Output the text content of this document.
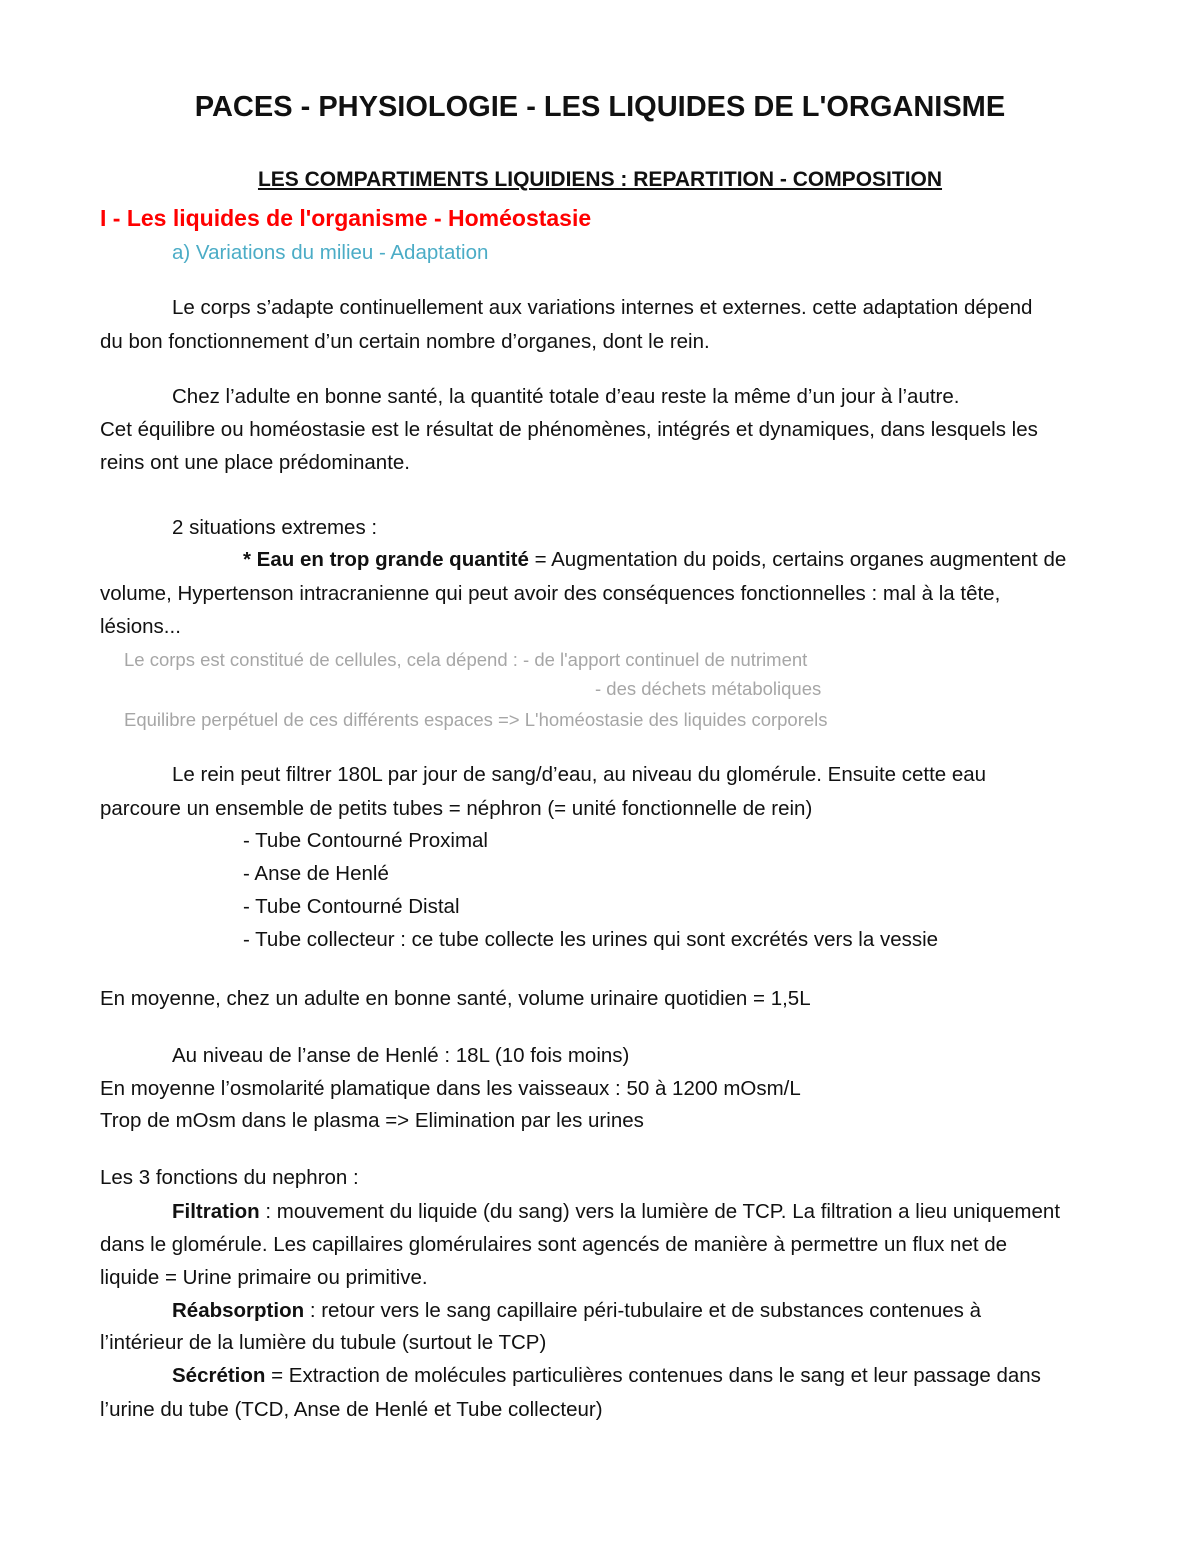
PACES - PHYSIOLOGIE - LES LIQUIDES DE L'ORGANISME
LES COMPARTIMENTS LIQUIDIENS : REPARTITION - COMPOSITION
I - Les liquides de l'organisme - Homéostasie
a) Variations du milieu - Adaptation
Le corps s’adapte continuellement aux variations internes et externes. cette adaptation dépend
du bon fonctionnement d’un certain nombre d’organes, dont le rein.
Chez l’adulte en bonne santé, la quantité totale d’eau reste la même d’un jour à l’autre.
Cet équilibre ou homéostasie est le résultat de phénomènes, intégrés et dynamiques, dans lesquels les
reins ont une place prédominante.
2 situations extremes :
* Eau en trop grande quantité = Augmentation du poids, certains organes augmentent de
volume, Hypertenson intracranienne qui peut avoir des conséquences fonctionnelles : mal à la tête,
lésions...
Le corps est constitué de cellules, cela dépend : - de l'apport continuel de nutriment
- des déchets métaboliques
Equilibre perpétuel de ces différents espaces => L'homéostasie des liquides corporels
Le rein peut filtrer 180L par jour de sang/d’eau, au niveau du glomérule. Ensuite cette eau
parcoure un ensemble de petits tubes = néphron (= unité fonctionnelle de rein)
- Tube Contourné Proximal
- Anse de Henlé
- Tube Contourné Distal
- Tube collecteur : ce tube collecte les urines qui sont excrétés vers la vessie
En moyenne, chez un adulte en bonne santé, volume urinaire quotidien = 1,5L
Au niveau de l’anse de Henlé : 18L (10 fois moins)
En moyenne l’osmolarité plamatique dans les vaisseaux : 50 à 1200 mOsm/L
Trop de mOsm dans le plasma => Elimination par les urines
Les 3 fonctions du nephron :
Filtration : mouvement du liquide (du sang) vers la lumière de TCP. La filtration a lieu uniquement
dans le glomérule. Les capillaires glomérulaires sont agencés de manière à permettre un flux net de
liquide = Urine primaire ou primitive.
Réabsorption : retour vers le sang capillaire péri-tubulaire et de substances contenues à
l’intérieur de la lumière du tubule (surtout le TCP)
Sécrétion = Extraction de molécules particulières contenues dans le sang et leur passage dans
l’urine du tube (TCD, Anse de Henlé et Tube collecteur)
